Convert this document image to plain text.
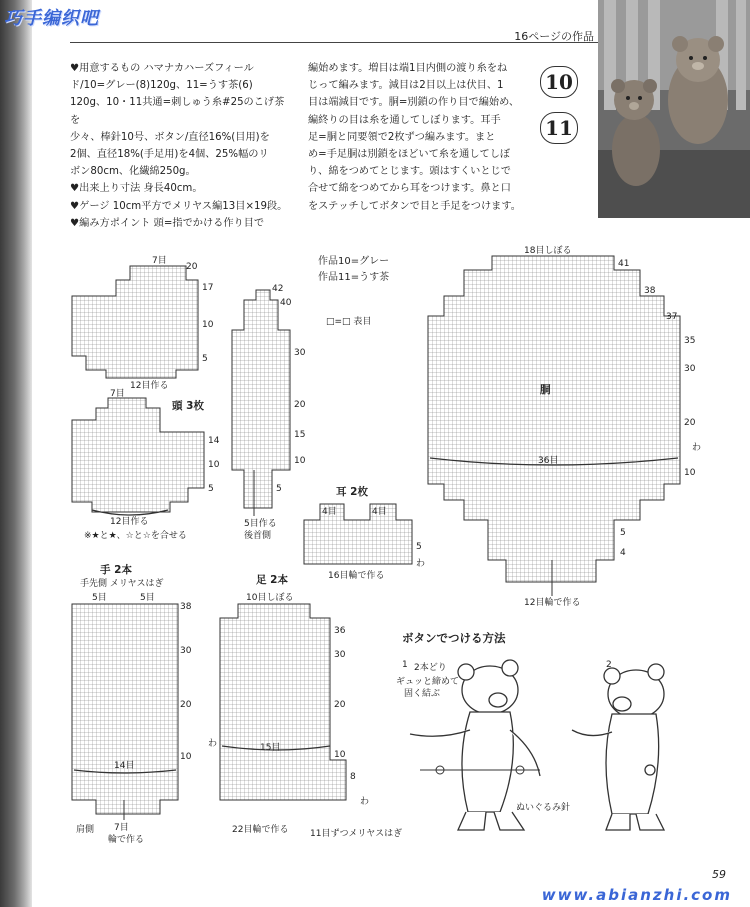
巧手编织吧
16ページの作品

♥用意するもの ハマナカハーズフィール

ド/10=グレー(8)120g、11=うす茶(6)

120g、10・11共通=刺しゅう糸#25のこげ茶を

少々、棒針10号、ボタン/直径16%(目用)を

2個、直径18%(手足用)を4個、25%幅のリ

ボン80cm、化繊綿250g。

♥出来上り寸法 身長40cm。

♥ゲージ 10cm平方でメリヤス編13目×19段。

♥編み方ポイント 頭=指でかける作り目で

編始めます。増目は端1目内側の渡り糸をね

じって編みます。減目は2目以上は伏目、1

目は端減目です。胴=別鎖の作り目で編始め、

編終りの目は糸を通してしぼります。耳手

足=胴と同要領で2枚ずつ編みます。まと

め=手足胴は別鎖をほどいて糸を通してしぼ

り、綿をつめてとじます。頭はすくいとじで

合せて綿をつめてから耳をつけます。鼻と口

をステッチしてボタンで目と手足をつけます。

10
11
頭 3枚
7目
12目作る
7目
12目作る
※★と★、☆と☆を合せる
5目作る
後首側
20
17
10
5
14
10
5
42
40
30
20
15
10
5
作品10=グレー
作品11=うす茶
□=□ 表目
胴
18目しぼる
36目
12目輪で作る
41
38
37
35
30
20
10
わ
5
4
耳 2枚
4目	4目
16目輪で作る
5
わ
手 2本
手先側 メリヤスはぎ
5目	5目
14目
7目
輪で作る
肩側
38
30
20
10
わ
足 2本
10目しぼる
15目
22目輪で作る 11目ずつメリヤスはぎ
36
30
20
10
8
わ
ボタンでつける方法
1	2
2本どり
ギュッと締めて
固く結ぶ
ぬいぐるみ針
59
www.abianzhi.com
